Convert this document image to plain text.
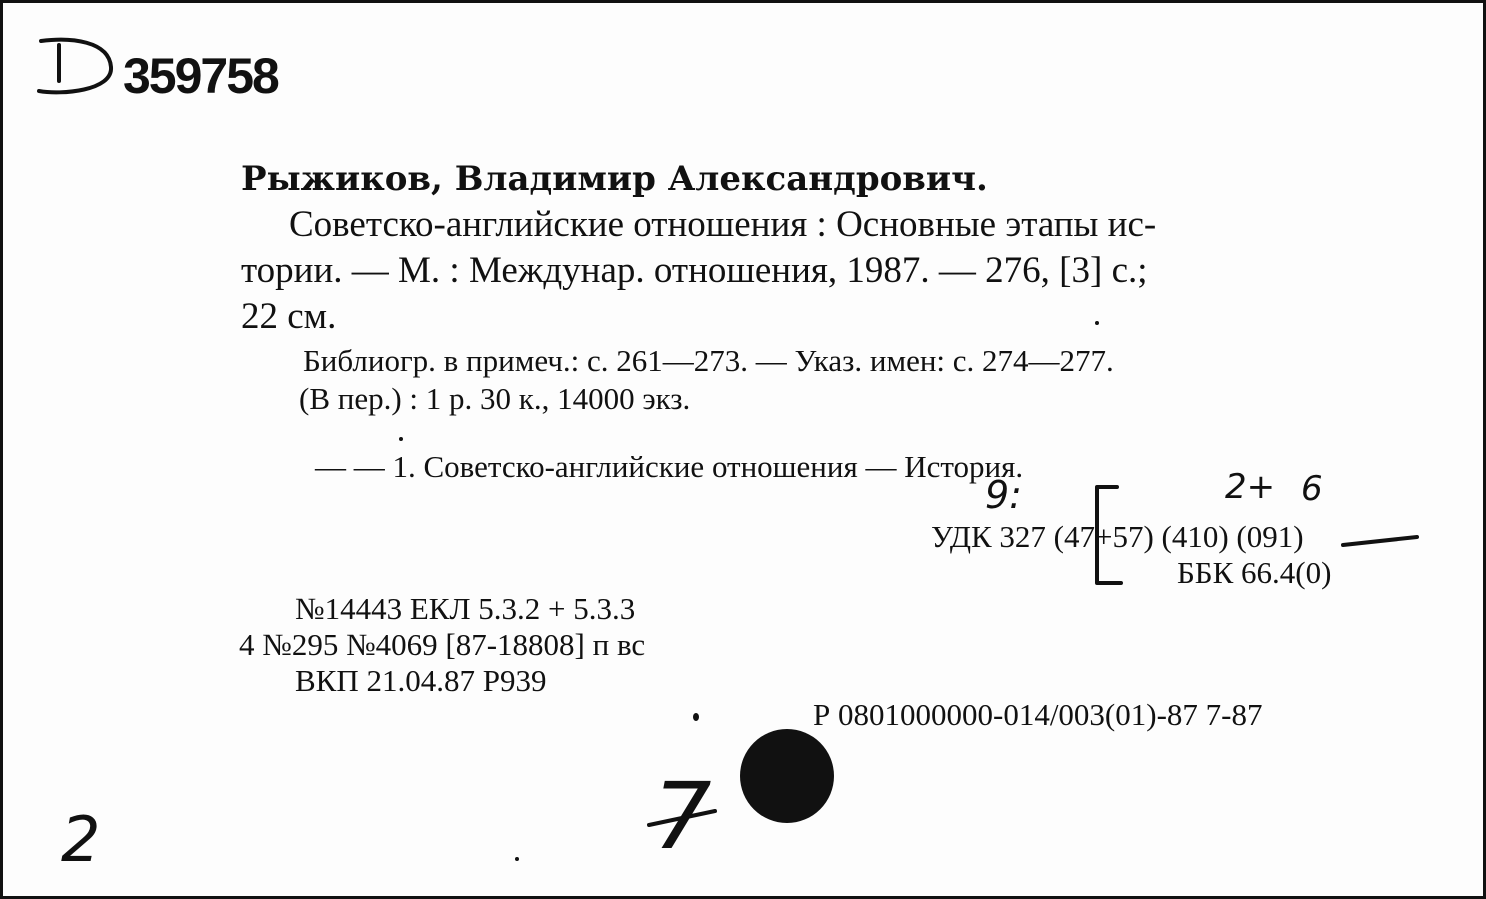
359758
Рыжиков, Владимир Александрович.
Советско-английские отношения : Основные этапы ис-
тории. — М. : Междунар. отношения, 1987. — 276, [3] с.;
22 см.
Библиогр. в примеч.: с. 261—273. — Указ. имен: с. 274—277.
(В пер.) : 1 р. 30 к., 14000 экз.
— — 1. Советско-английские отношения — История.
9:	2+ 6
УДК 327 (47+57) (410) (091)
ББК 66.4(0)
№14443 ЕКЛ 5.3.2 + 5.3.3
4 №295 №4069 [87-18808] п вс
ВКП 21.04.87 Р939
Р 0801000000-014/003(01)-87 7-87
2	7
